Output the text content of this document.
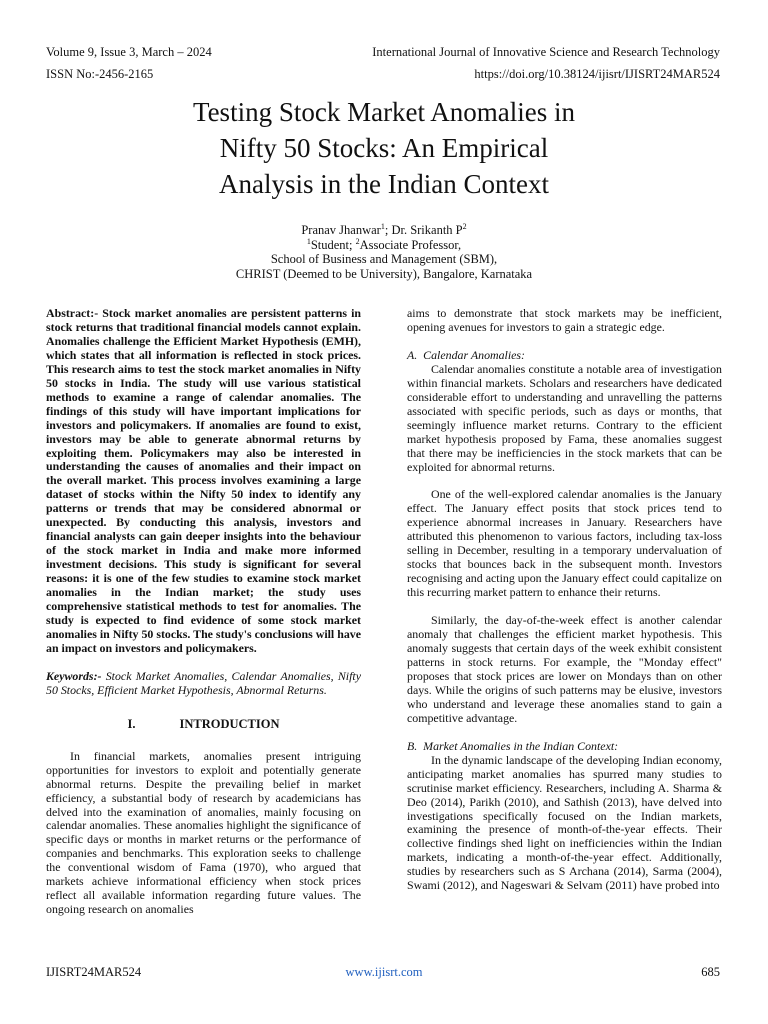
Volume 9, Issue 3, March – 2024
ISSN No:-2456-2165
International Journal of Innovative Science and Research Technology
https://doi.org/10.38124/ijisrt/IJISRT24MAR524
Testing Stock Market Anomalies in
Nifty 50 Stocks: An Empirical
Analysis in the Indian Context
Pranav Jhanwar$^1$; Dr. Srikanth $P^2$
$^1$Student; $^2$Associate Professor,
School of Business and Management (SBM),
CHRIST (Deemed to be University), Bangalore, Karnataka

Abstract:- Stock market anomalies are persistent patterns in stock returns that traditional financial models cannot explain. Anomalies challenge the Efficient Market Hypothesis (EMH), which states that all information is reflected in stock prices. This research aims to test the stock market anomalies in Nifty 50 stocks in India. The study will use various statistical methods to examine a range of calendar anomalies. The findings of this study will have important implications for investors and policymakers. If anomalies are found to exist, investors may be able to generate abnormal returns by exploiting them. Policymakers may also be interested in understanding the causes of anomalies and their impact on the overall market. This process involves examining a large dataset of stocks within the Nifty 50 index to identify any patterns or trends that may be considered abnormal or unexpected. By conducting this analysis, investors and financial analysts can gain deeper insights into the behaviour of the stock market in India and make more informed investment decisions. This study is significant for several reasons: it is one of the few studies to examine stock market anomalies in the Indian market; the study uses comprehensive statistical methods to test for anomalies. The study is expected to find evidence of some stock market anomalies in Nifty 50 stocks. The study's conclusions will have an impact on investors and policymakers.

Keywords:- Stock Market Anomalies, Calendar Anomalies, Nifty 50 Stocks, Efficient Market Hypothesis, Abnormal Returns.

I.	INTRODUCTION

In financial markets, anomalies present intriguing opportunities for investors to exploit and potentially generate abnormal returns. Despite the prevailing belief in market efficiency, a substantial body of research by academicians has delved into the examination of anomalies, mainly focusing on calendar anomalies. These anomalies highlight the significance of specific days or months in market returns or the performance of companies and benchmarks. This exploration seeks to challenge the conventional wisdom of Fama (1970), who argued that markets achieve informational efficiency when stock prices reflect all available information regarding future values. The ongoing research on anomalies

aims to demonstrate that stock markets may be inefficient, opening avenues for investors to gain a strategic edge.

A. Calendar Anomalies:

Calendar anomalies constitute a notable area of investigation within financial markets. Scholars and researchers have dedicated considerable effort to understanding and unravelling the patterns associated with specific periods, such as days or months, that seemingly influence market returns. Contrary to the efficient market hypothesis proposed by Fama, these anomalies suggest that there may be inefficiencies in the stock markets that can be exploited for abnormal returns.

One of the well-explored calendar anomalies is the January effect. The January effect posits that stock prices tend to experience abnormal increases in January. Researchers have attributed this phenomenon to various factors, including tax-loss selling in December, resulting in a temporary undervaluation of stocks that bounces back in the subsequent month. Investors recognising and acting upon the January effect could capitalize on this recurring market pattern to enhance their returns.

Similarly, the day-of-the-week effect is another calendar anomaly that challenges the efficient market hypothesis. This anomaly suggests that certain days of the week exhibit consistent patterns in stock returns. For example, the "Monday effect" proposes that stock prices are lower on Mondays than on other days. While the origins of such patterns may be elusive, investors who understand and leverage these anomalies stand to gain a competitive advantage.

B. Market Anomalies in the Indian Context:

In the dynamic landscape of the developing Indian economy, anticipating market anomalies has spurred many studies to scrutinise market efficiency. Researchers, including A. Sharma & Deo (2014), Parikh (2010), and Sathish (2013), have delved into investigations specifically focused on the Indian markets, examining the presence of month-of-the-year effects. Their collective findings shed light on inefficiencies within the Indian markets, indicating a month-of-the-year effect. Additionally, studies by researchers such as S Archana (2014), Sarma (2004), Swami (2012), and Nageswari & Selvam (2011) have probed into

IJISRT24MAR524	www.ijisrt.com	685
